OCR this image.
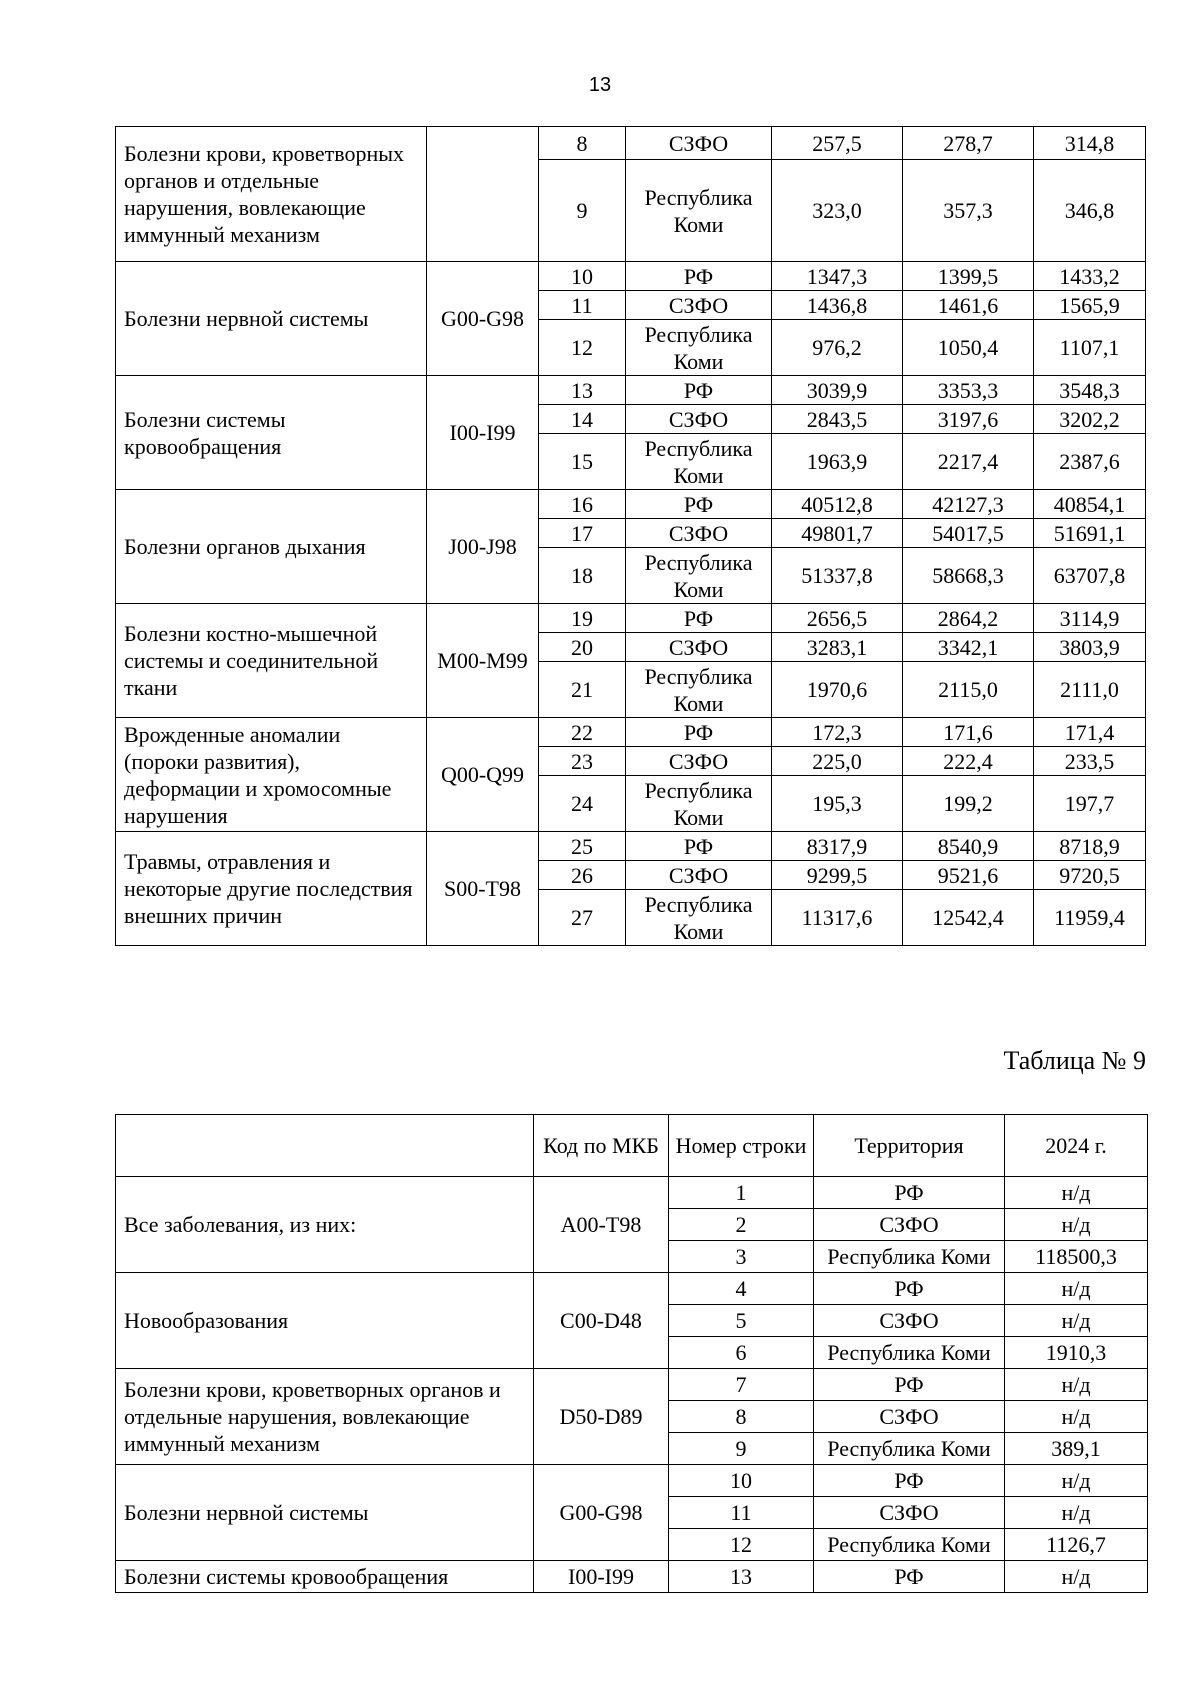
13
Болезни крови, кроветворных органов и отдельные нарушения, вовлекающие иммунный механизм		8	СЗФО	257,5	278,7	314,8
		9	Республика Коми	323,0	357,3	346,8
Болезни нервной системы	G00-G98	10	РФ	1347,3	1399,5	1433,2
		11	СЗФО	1436,8	1461,6	1565,9
		12	Республика Коми	976,2	1050,4	1107,1
Болезни системы кровообращения	I00-I99	13	РФ	3039,9	3353,3	3548,3
		14	СЗФО	2843,5	3197,6	3202,2
		15	Республика Коми	1963,9	2217,4	2387,6
Болезни органов дыхания	J00-J98	16	РФ	40512,8	42127,3	40854,1
		17	СЗФО	49801,7	54017,5	51691,1
		18	Республика Коми	51337,8	58668,3	63707,8
Болезни костно-мышечной системы и соединительной ткани	M00-M99	19	РФ	2656,5	2864,2	3114,9
		20	СЗФО	3283,1	3342,1	3803,9
		21	Республика Коми	1970,6	2115,0	2111,0
Врожденные аномалии (пороки развития), деформации и хромосомные нарушения	Q00-Q99	22	РФ	172,3	171,6	171,4
		23	СЗФО	225,0	222,4	233,5
		24	Республика Коми	195,3	199,2	197,7
Травмы, отравления и некоторые другие последствия внешних причин	S00-T98	25	РФ	8317,9	8540,9	8718,9
		26	СЗФО	9299,5	9521,6	9720,5
		27	Республика Коми	11317,6	12542,4	11959,4
Таблица № 9
	Код по МКБ	Номер строки	Территория	2024 г.
Все заболевания, из них:	A00-T98	1	РФ	н/д
		2	СЗФО	н/д
		3	Республика Коми	118500,3
Новообразования	C00-D48	4	РФ	н/д
		5	СЗФО	н/д
		6	Республика Коми	1910,3
Болезни крови, кроветворных органов и отдельные нарушения, вовлекающие иммунный механизм	D50-D89	7	РФ	н/д
		8	СЗФО	н/д
		9	Республика Коми	389,1
Болезни нервной системы	G00-G98	10	РФ	н/д
		11	СЗФО	н/д
		12	Республика Коми	1126,7
Болезни системы кровообращения	I00-I99	13	РФ	н/д
